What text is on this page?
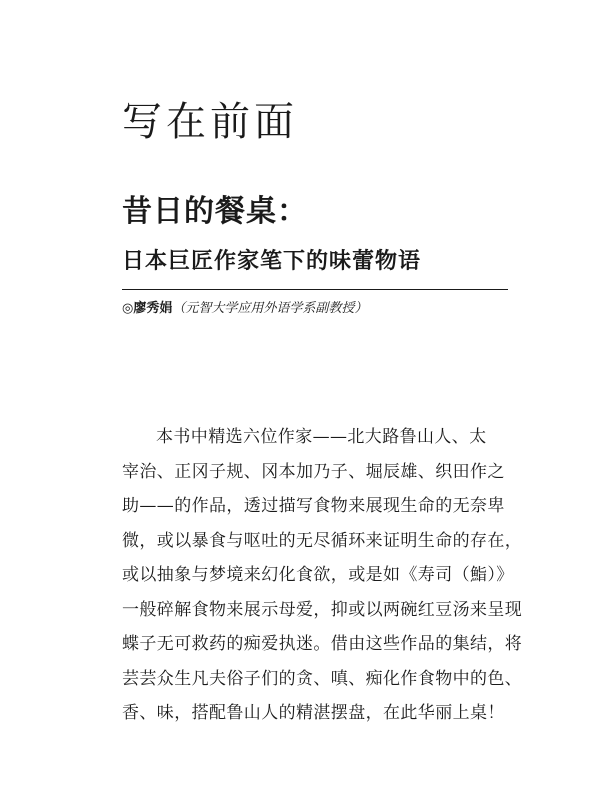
写在前面
昔日的餐桌：
日本巨匠作家笔下的味蕾物语
◎廖秀娟（元智大学应用外语学系副教授）
本书中精选六位作家——北大路鲁山人、太
宰治、正冈子规、冈本加乃子、堀辰雄、织田作之
助——的作品，透过描写食物来展现生命的无奈卑
微，或以暴食与呕吐的无尽循环来证明生命的存在，
或以抽象与梦境来幻化食欲，或是如《寿司（鮨）》
一般碎解食物来展示母爱，抑或以两碗红豆汤来呈现
蝶子无可救药的痴爱执迷。借由这些作品的集结，将
芸芸众生凡夫俗子们的贪、嗔、痴化作食物中的色、
香、味，搭配鲁山人的精湛摆盘，在此华丽上桌！
